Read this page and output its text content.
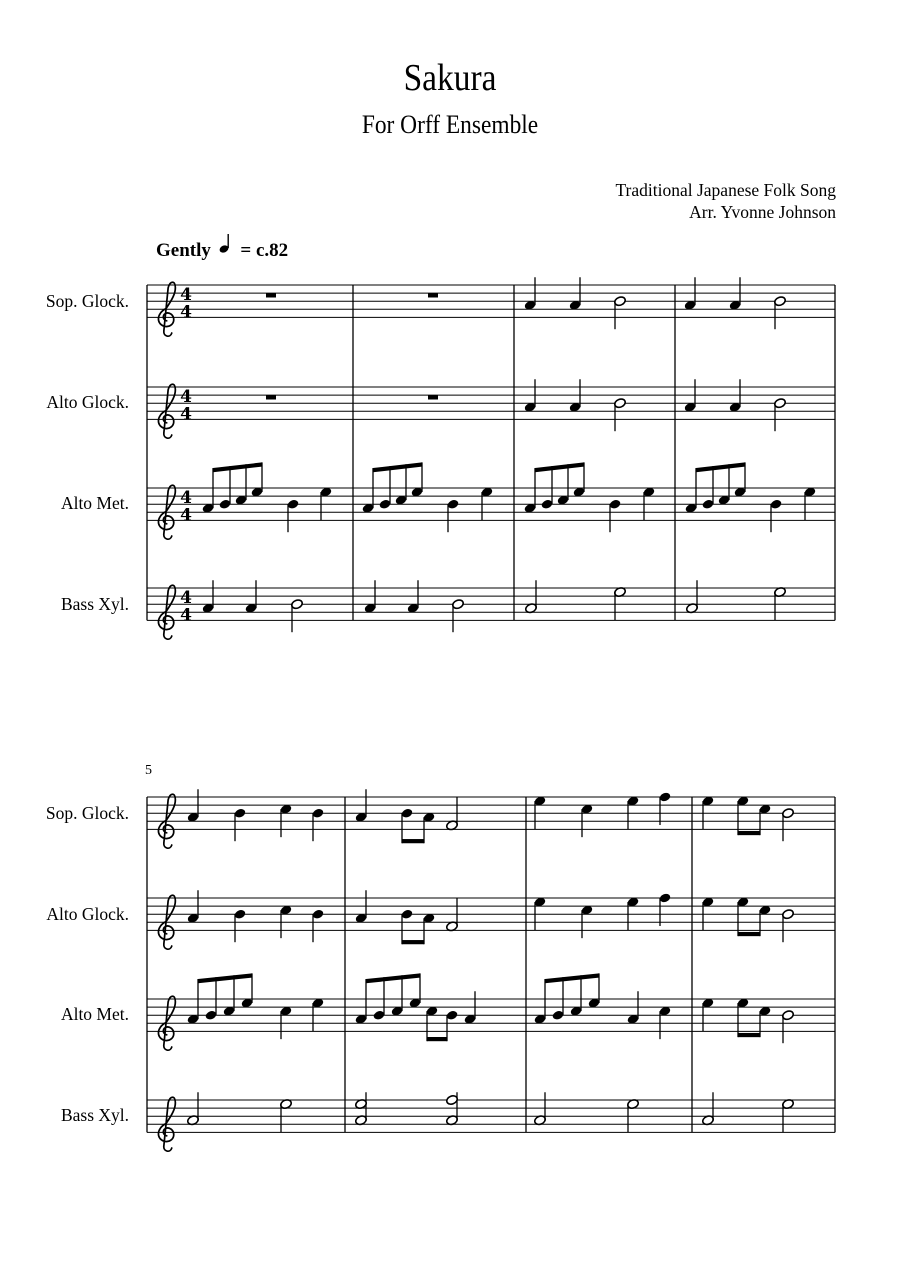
Sakura
For Orff Ensemble
Traditional Japanese Folk Song
Arr. Yvonne Johnson
Gently = c.82
Sop. Glock.
Alto Glock.
Alto Met.
Bass Xyl.
Sop. Glock.
Alto Glock.
Alto Met.
Bass Xyl.
5
4
4
4
4
4
4
4
4
